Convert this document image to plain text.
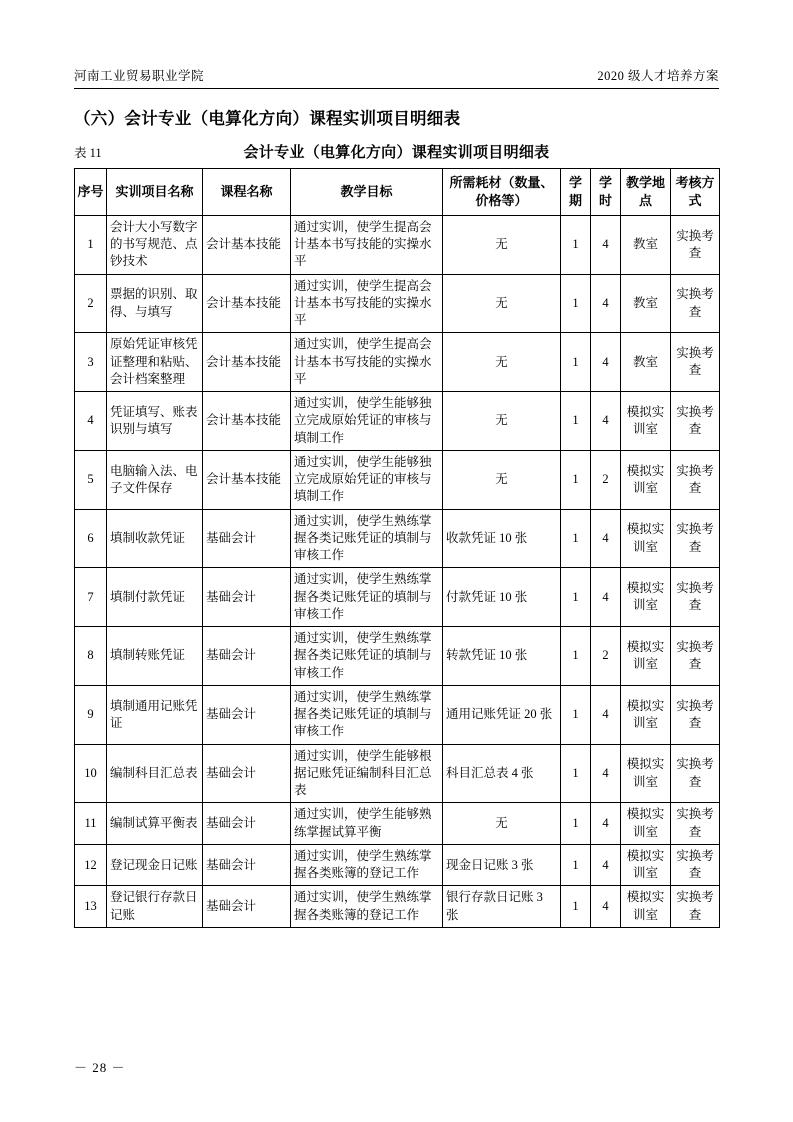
河南工业贸易职业学院	2020 级人才培养方案
（六）会计专业（电算化方向）课程实训项目明细表
表 11	会计专业（电算化方向）课程实训项目明细表
序号	实训项目名称	课程名称	教学目标	所需耗材（数量、价格等）	学期	学时	教学地点	考核方式
1	会计大小写数字的书写规范、点钞技术	会计基本技能	通过实训，使学生提高会计基本书写技能的实操水平	无	1	4	教室	实换考查
2	票据的识别、取得、与填写	会计基本技能	通过实训，使学生提高会计基本书写技能的实操水平	无	1	4	教室	实换考查
3	原始凭证审核凭证整理和粘贴、会计档案整理	会计基本技能	通过实训，使学生提高会计基本书写技能的实操水平	无	1	4	教室	实换考查
4	凭证填写、账表识别与填写	会计基本技能	通过实训，使学生能够独立完成原始凭证的审核与填制工作	无	1	4	模拟实训室	实换考查
5	电脑输入法、电子文件保存	会计基本技能	通过实训，使学生能够独立完成原始凭证的审核与填制工作	无	1	2	模拟实训室	实换考查
6	填制收款凭证	基础会计	通过实训，使学生熟练掌握各类记账凭证的填制与审核工作	收款凭证 10 张	1	4	模拟实训室	实换考查
7	填制付款凭证	基础会计	通过实训，使学生熟练掌握各类记账凭证的填制与审核工作	付款凭证 10 张	1	4	模拟实训室	实换考查
8	填制转账凭证	基础会计	通过实训，使学生熟练掌握各类记账凭证的填制与审核工作	转款凭证 10 张	1	2	模拟实训室	实换考查
9	填制通用记账凭证	基础会计	通过实训，使学生熟练掌握各类记账凭证的填制与审核工作	通用记账凭证 20 张	1	4	模拟实训室	实换考查
10	编制科目汇总表	基础会计	通过实训，使学生能够根据记账凭证编制科目汇总表	科目汇总表 4 张	1	4	模拟实训室	实换考查
11	编制试算平衡表	基础会计	通过实训，使学生能够熟练掌握试算平衡	无	1	4	模拟实训室	实换考查
12	登记现金日记账	基础会计	通过实训，使学生熟练掌握各类账簿的登记工作	现金日记账 3 张	1	4	模拟实训室	实换考查
13	登记银行存款日记账	基础会计	通过实训，使学生熟练掌握各类账簿的登记工作	银行存款日记账 3 张	1	4	模拟实训室	实换考查
－ 28 －
